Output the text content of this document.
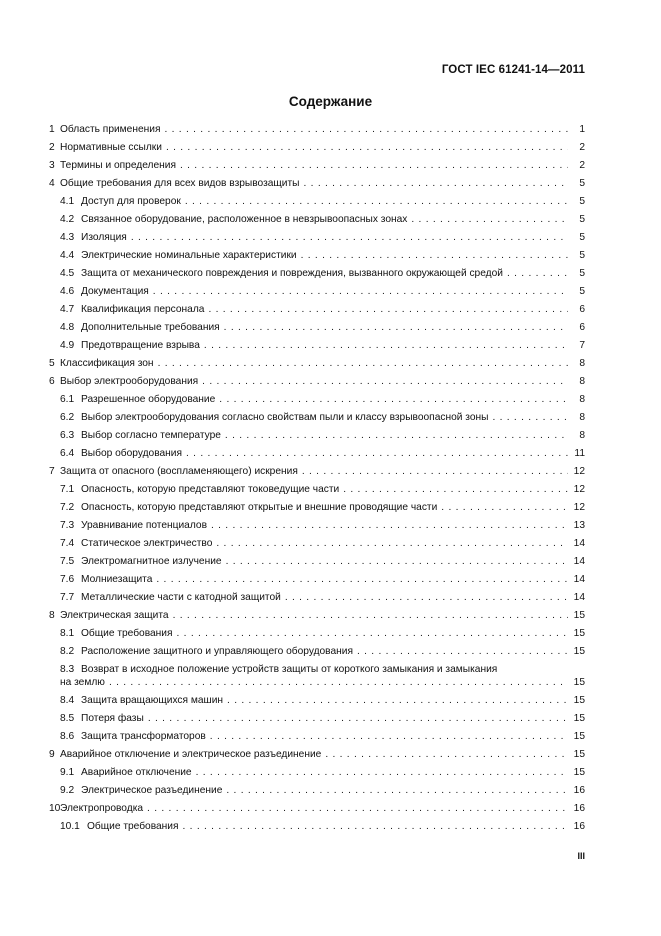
ГОСТ IEC 61241-14—2011
Содержание
1 Область применения . . .	1
2 Нормативные ссылки . . .	2
3 Термины и определения . . .	2
4 Общие требования для всех видов взрывозащиты . . .	5
4.1 Доступ для проверок . . .	5
4.2 Связанное оборудование, расположенное в невзрывоопасных зонах . . .	5
4.3 Изоляция . . .	5
4.4 Электрические номинальные характеристики . . .	5
4.5 Защита от механического повреждения и повреждения, вызванного окружающей средой . . .	5
4.6 Документация . . .	5
4.7 Квалификация персонала . . .	6
4.8 Дополнительные требования . . .	6
4.9 Предотвращение взрыва . . .	7
5 Классификация зон . . .	8
6 Выбор электрооборудования . . .	8
6.1 Разрешенное оборудование . . .	8
6.2 Выбор электрооборудования согласно свойствам пыли и классу взрывоопасной зоны . . .	8
6.3 Выбор согласно температуре . . .	8
6.4 Выбор оборудования . . .	11
7 Защита от опасного (воспламеняющего) искрения . . .	12
7.1 Опасность, которую представляют токоведущие части . . .	12
7.2 Опасность, которую представляют открытые и внешние проводящие части . . .	12
7.3 Уравнивание потенциалов . . .	13
7.4 Статическое электричество . . .	14
7.5 Электромагнитное излучение . . .	14
7.6 Молниезащита . . .	14
7.7 Металлические части с катодной защитой . . .	14
8 Электрическая защита . . .	15
8.1 Общие требования . . .	15
8.2 Расположение защитного и управляющего оборудования . . .	15
8.3 Возврат в исходное положение устройств защиты от короткого замыкания и замыкания
на землю . . .	15
8.4 Защита вращающихся машин . . .	15
8.5 Потеря фазы . . .	15
8.6 Защита трансформаторов . . .	15
9 Аварийное отключение и электрическое разъединение . . .	15
9.1 Аварийное отключение . . .	15
9.2 Электрическое разъединение . . .	16
10 Электропроводка . . .	16
10.1 Общие требования . . .	16
III
